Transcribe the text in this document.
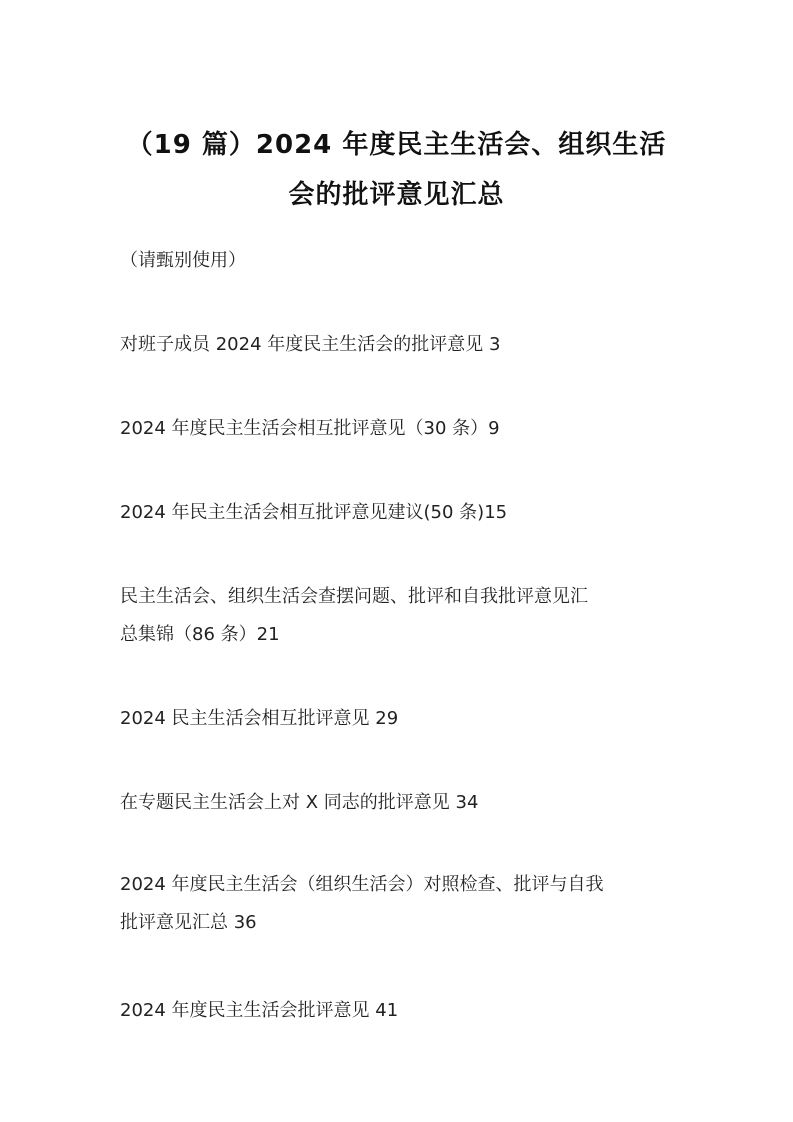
（19 篇）2024 年度民主生活会、组织生活
会的批评意见汇总
（请甄别使用）
对班子成员 2024 年度民主生活会的批评意见 3
2024 年度民主生活会相互批评意见（30 条）9
2024 年民主生活会相互批评意见建议(50 条)15
民主生活会、组织生活会查摆问题、批评和自我批评意见汇
总集锦（86 条）21
2024 民主生活会相互批评意见 29
在专题民主生活会上对 X 同志的批评意见 34
2024 年度民主生活会（组织生活会）对照检查、批评与自我
批评意见汇总 36
2024 年度民主生活会批评意见 41
